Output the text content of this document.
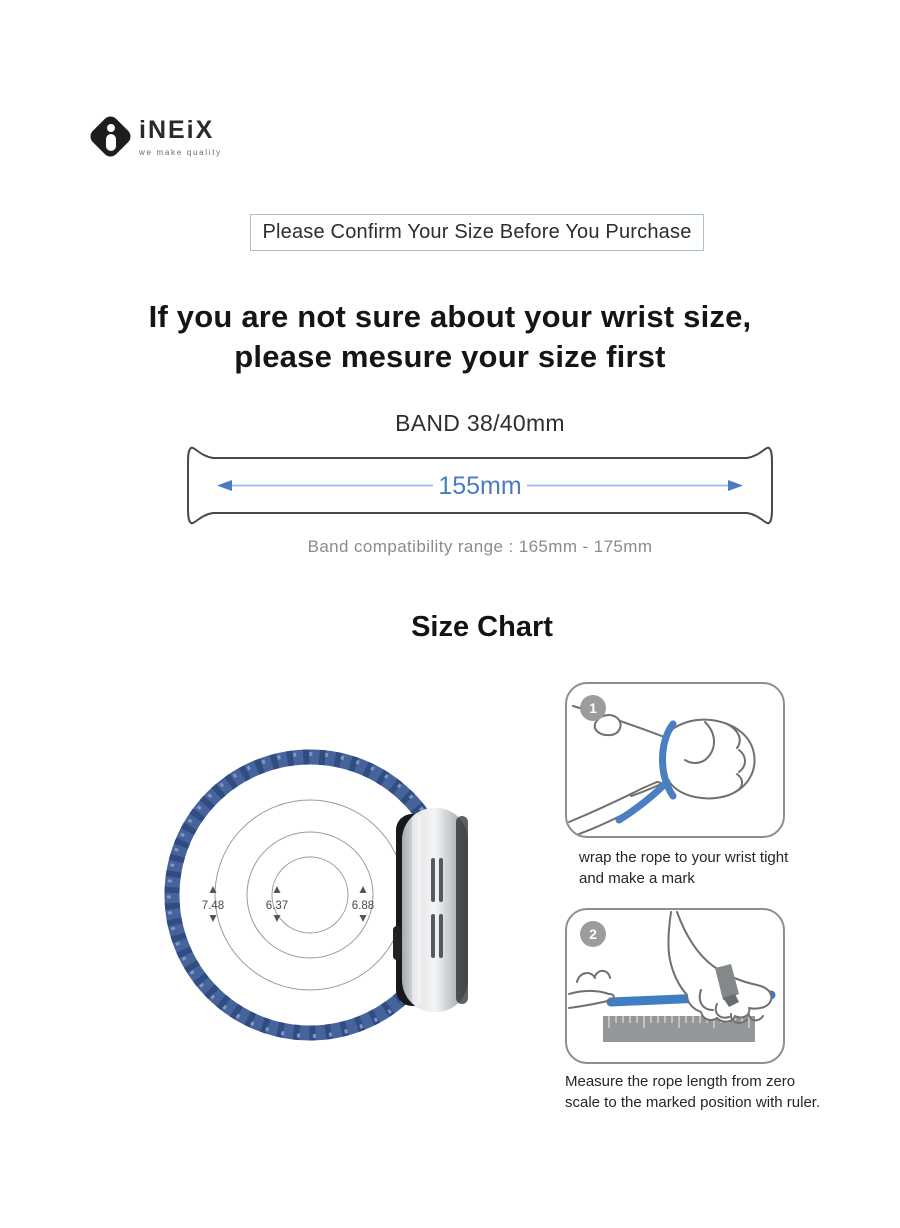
iNEiX
we make quality
Please Confirm Your Size Before You Purchase
If you are not sure about your wrist size,
please mesure your size first
BAND 38/40mm
155mm
Band compatibility range : 165mm - 175mm
Size Chart
7.48	6.37	6.88
1
wrap the rope to your wrist tight
and make a mark
2
Measure the rope length from zero
scale to the marked position with ruler.
